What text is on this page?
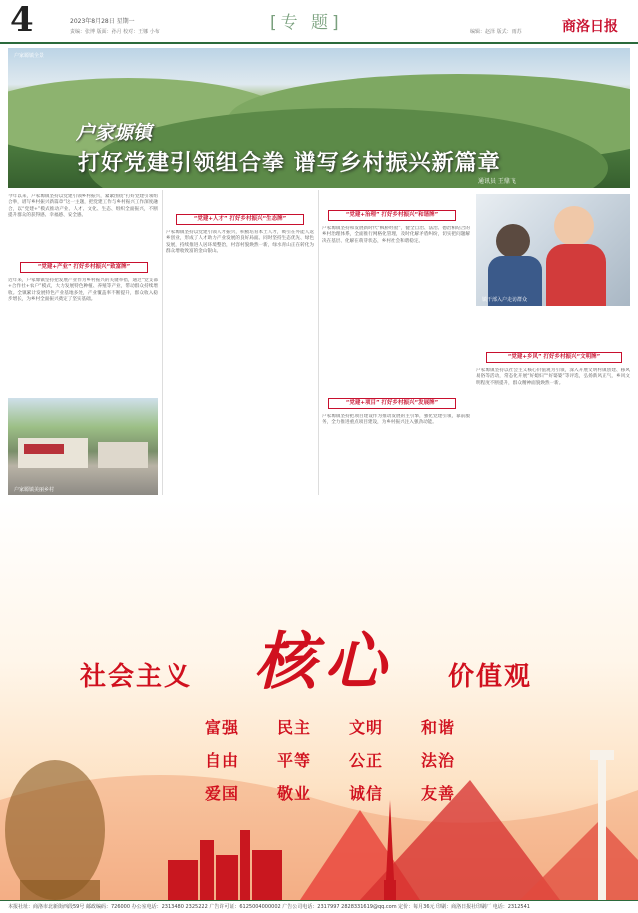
4	2023年8月28日 星期一
责编：张博 版面：孙月 校对：王娜 小布	[专 题]	编辑：赵泽 版式：雨苏	商洛日报
户家塬镇全景
户家塬镇
打好党建引领组合拳 谱写乡村振兴新篇章
通讯员 王鼎飞
今年以来，户家塬镇坚持以党建引领乡村振兴，紧紧围绕“打好党建引领组合拳，谱写乡村振兴新篇章”这一主题，把党建工作与乡村振兴工作深度融合，以“党建+”模式推动产业、人才、文化、生态、组织全面振兴，不断提升群众的获得感、幸福感、安全感。
“党建+产业” 打好乡村振兴“致富牌”
近年来，户家塬镇坚持把发展产业作为乡村振兴的关键举措，通过“党支部+合作社+农户”模式，大力发展特色种植、养殖等产业，带动群众持续增收。全镇累计发展特色产业基地多处，产业覆盖率不断提升，群众收入稳步增长，为乡村全面振兴奠定了坚实基础。
户家塬镇美丽乡村
“党建+人才” 打好乡村振兴“生态牌”
户家塬镇坚持以党建引领人才振兴，积极培育本土人才，吸引在外能人返乡创业，形成了人才助力产业发展的良好局面。同时坚持生态优先、绿色发展，持续推进人居环境整治，村容村貌焕然一新，绿水青山正在转化为群众增收致富的金山银山。
“党建+治理” 打好乡村振兴“和谐牌”
户家塬镇坚持和发展新时代“枫桥经验”，健全自治、法治、德治相结合的乡村治理体系，全面推行网格化管理，及时化解矛盾纠纷，切实把问题解决在基层、化解在萌芽状态，乡村社会和谐稳定。
“党建+项目” 打好乡村振兴“发展牌”
户家塬镇坚持把项目建设作为推动发展的主引擎，强化党建引领，靠前服务，全力推进重点项目建设，为乡村振兴注入强劲动能。
镇干部入户走访群众
“党建+乡风” 打好乡村振兴“文明牌”
户家塬镇坚持以社会主义核心价值观为引领，深入开展文明村镇创建、移风易俗等活动，常态化开展“好媳妇”“好婆婆”等评选，弘扬新风正气，乡风文明程度不断提升，群众精神面貌焕然一新。
社会主义 核心 价值观
富强 民主 文明 和谐
自由 平等 公正 法治
爱国 敬业 诚信 友善
本报社址：商洛市北新街西段59号 邮政编码：726000 办公室电话：2313480 2325222 广告许可证：6125004000002 广告公司电话：2317997 2828331619@qq.com 定价：每月36元 印刷：商洛日报社印刷厂 电话：2312541
